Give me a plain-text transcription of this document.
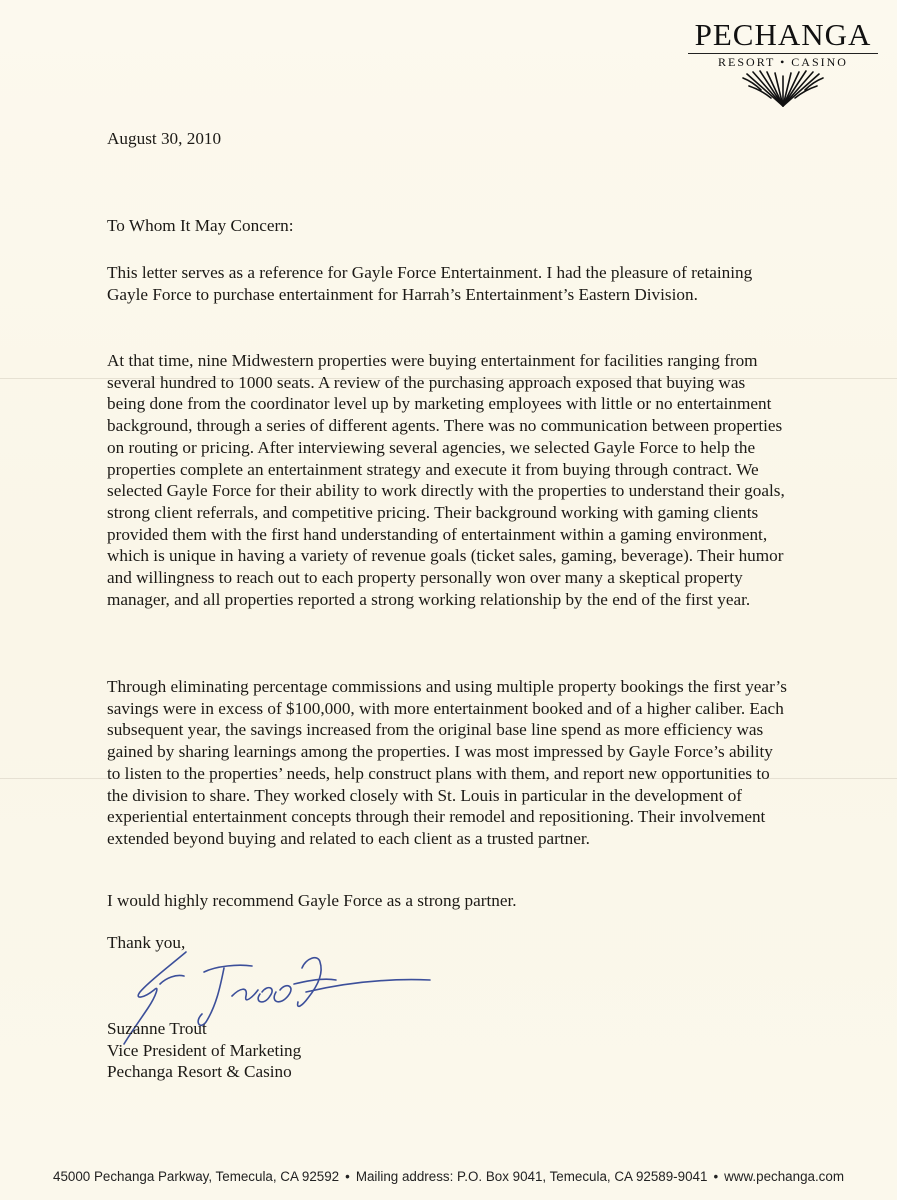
PECHANGA
RESORT • CASINO

August 30, 2010

To Whom It May Concern:

This letter serves as a reference for Gayle Force Entertainment. I had the pleasure of retaining Gayle Force to purchase entertainment for Harrah’s Entertainment’s Eastern Division.

At that time, nine Midwestern properties were buying entertainment for facilities ranging from several hundred to 1000 seats. A review of the purchasing approach exposed that buying was being done from the coordinator level up by marketing employees with little or no entertainment background, through a series of different agents. There was no communication between properties on routing or pricing. After interviewing several agencies, we selected Gayle Force to help the properties complete an entertainment strategy and execute it from buying through contract. We selected Gayle Force for their ability to work directly with the properties to understand their goals, strong client referrals, and competitive pricing. Their background working with gaming clients provided them with the first hand understanding of entertainment within a gaming environment, which is unique in having a variety of revenue goals (ticket sales, gaming, beverage). Their humor and willingness to reach out to each property personally won over many a skeptical property manager, and all properties reported a strong working relationship by the end of the first year.

Through eliminating percentage commissions and using multiple property bookings the first year’s savings were in excess of $100,000, with more entertainment booked and of a higher caliber. Each subsequent year, the savings increased from the original base line spend as more efficiency was gained by sharing learnings among the properties. I was most impressed by Gayle Force’s ability to listen to the properties’ needs, help construct plans with them, and report new opportunities to the division to share. They worked closely with St. Louis in particular in the development of experiential entertainment concepts through their remodel and repositioning. Their involvement extended beyond buying and related to each client as a trusted partner.

I would highly recommend Gayle Force as a strong partner.

Thank you,

Suzanne Trout
Vice President of Marketing
Pechanga Resort & Casino

45000 Pechanga Parkway, Temecula, CA 92592 • Mailing address: P.O. Box 9041, Temecula, CA 92589-9041 • www.pechanga.com
